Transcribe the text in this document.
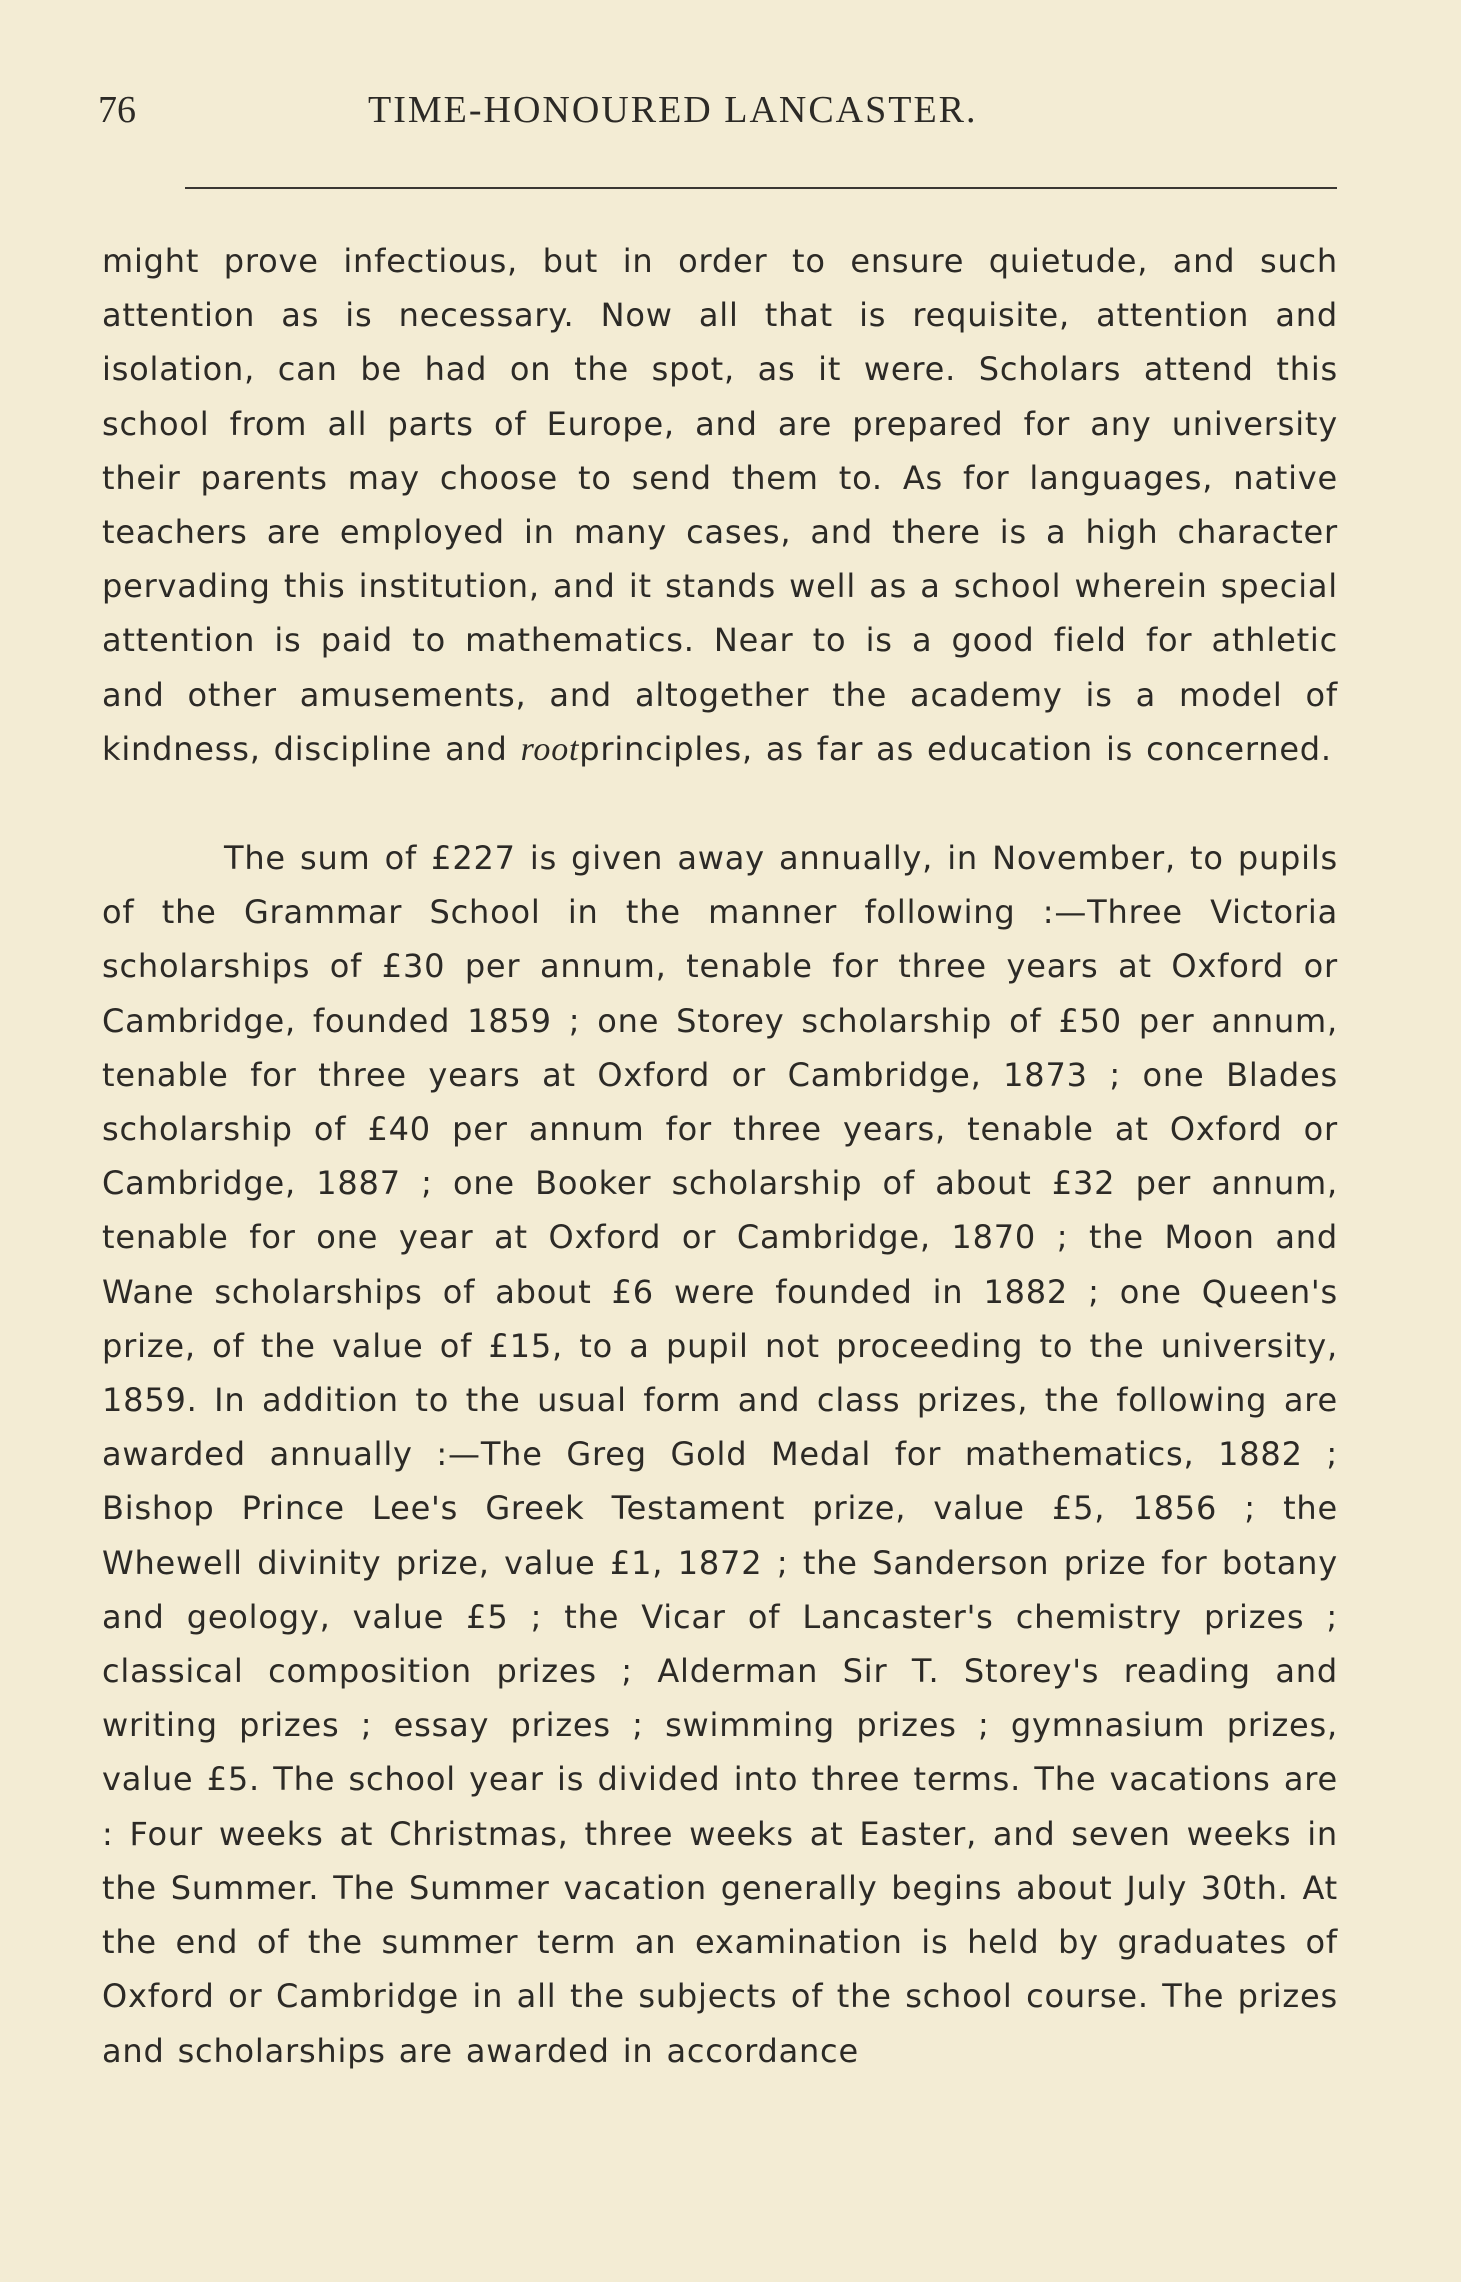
76	TIME-HONOURED LANCASTER.

might prove infectious, but in order to ensure quietude, and such attention as is necessary. Now all that is requisite, attention and isolation, can be had on the spot, as it were. Scholars attend this school from all parts of Europe, and are prepared for any university their parents may choose to send them to. As for languages, native teachers are employed in many cases, and there is a high character pervading this institution, and it stands well as a school wherein special attention is paid to mathematics. Near to is a good field for athletic and other amusements, and altogether the academy is a model of kindness, discipline and rootprinciples, as far as education is concerned.

The sum of £227 is given away annually, in November, to pupils of the Grammar School in the manner following :—Three Victoria scholarships of £30 per annum, tenable for three years at Oxford or Cambridge, founded 1859 ; one Storey scholarship of £50 per annum, tenable for three years at Oxford or Cambridge, 1873 ; one Blades scholarship of £40 per annum for three years, tenable at Oxford or Cambridge, 1887 ; one Booker scholarship of about £32 per annum, tenable for one year at Oxford or Cambridge, 1870 ; the Moon and Wane scholarships of about £6 were founded in 1882 ; one Queen's prize, of the value of £15, to a pupil not proceeding to the university, 1859. In addition to the usual form and class prizes, the following are awarded annually :—The Greg Gold Medal for mathematics, 1882 ; Bishop Prince Lee's Greek Testament prize, value £5, 1856 ; the Whewell divinity prize, value £1, 1872 ; the Sanderson prize for botany and geology, value £5 ; the Vicar of Lancaster's chemistry prizes ; classical composition prizes ; Alderman Sir T. Storey's reading and writing prizes ; essay prizes ; swimming prizes ; gymnasium prizes, value £5. The school year is divided into three terms. The vacations are : Four weeks at Christmas, three weeks at Easter, and seven weeks in the Summer. The Summer vacation generally begins about July 30th. At the end of the summer term an examination is held by graduates of Oxford or Cambridge in all the subjects of the school course. The prizes and scholarships are awarded in accordance
